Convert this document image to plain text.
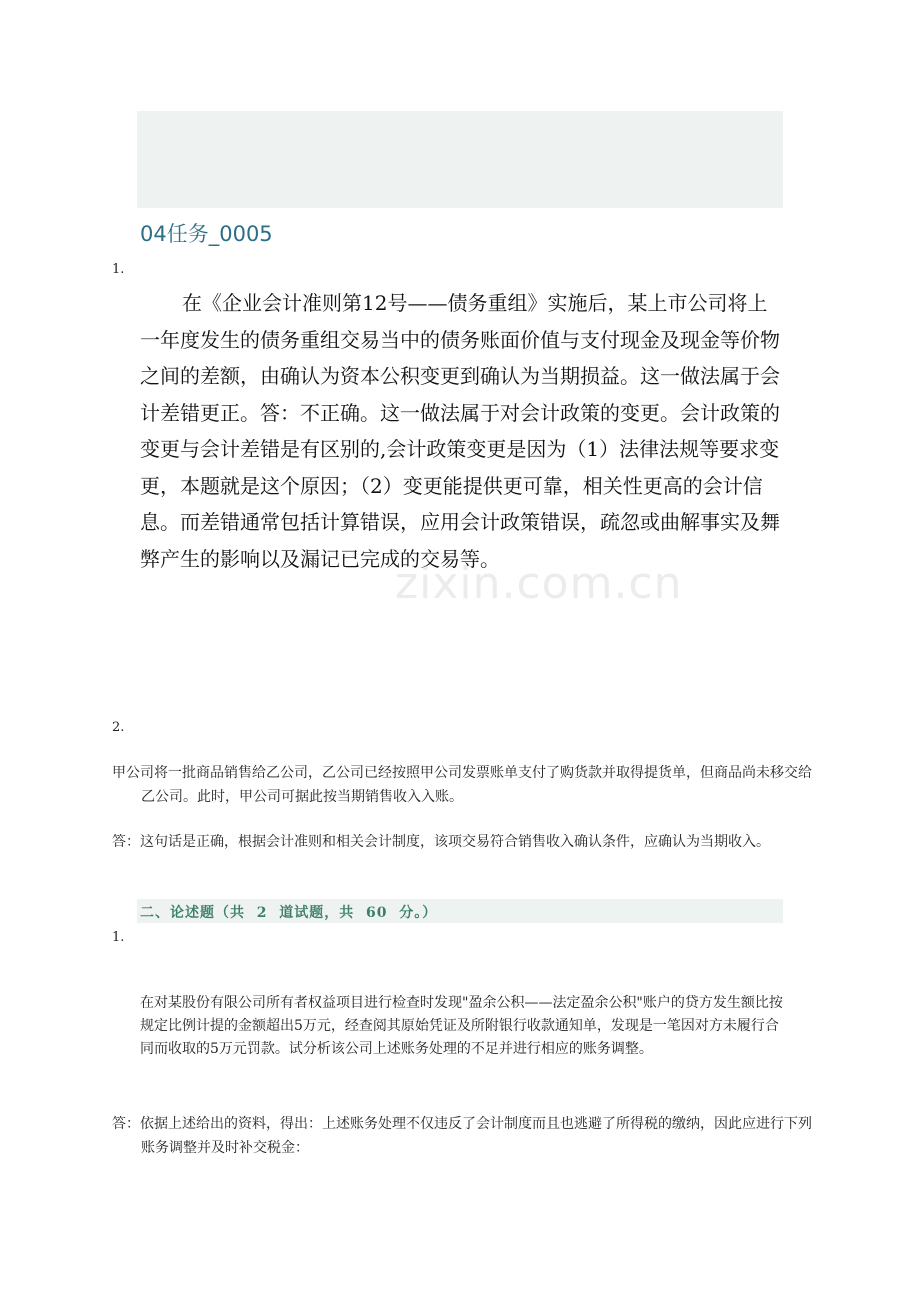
04任务_0005
1.
在《企业会计准则第12号——债务重组》实施后，某上市公司将上一年度发生的债务重组交易当中的债务账面价值与支付现金及现金等价物之间的差额，由确认为资本公积变更到确认为当期损益。这一做法属于会计差错更正。答：不正确。这一做法属于对会计政策的变更。会计政策的变更与会计差错是有区别的,会计政策变更是因为（1）法律法规等要求变更，本题就是这个原因；（2）变更能提供更可靠，相关性更高的会计信息。而差错通常包括计算错误，应用会计政策错误，疏忽或曲解事实及舞弊产生的影响以及漏记已完成的交易等。
zixin.com.cn
2.
甲公司将一批商品销售给乙公司，乙公司已经按照甲公司发票账单支付了购货款并取得提货单，但商品尚未移交给乙公司。此时，甲公司可据此按当期销售收入入账。
答：这句话是正确，根据会计准则和相关会计制度，该项交易符合销售收入确认条件，应确认为当期收入。
二、论述题（共  2  道试题，共  60  分。）
1.
在对某股份有限公司所有者权益项目进行检查时发现"盈余公积——法定盈余公积"账户的贷方发生额比按规定比例计提的金额超出5万元，经查阅其原始凭证及所附银行收款通知单，发现是一笔因对方未履行合同而收取的5万元罚款。试分析该公司上述账务处理的不足并进行相应的账务调整。
答：依据上述给出的资料，得出：上述账务处理不仅违反了会计制度而且也逃避了所得税的缴纳，因此应进行下列账务调整并及时补交税金：
